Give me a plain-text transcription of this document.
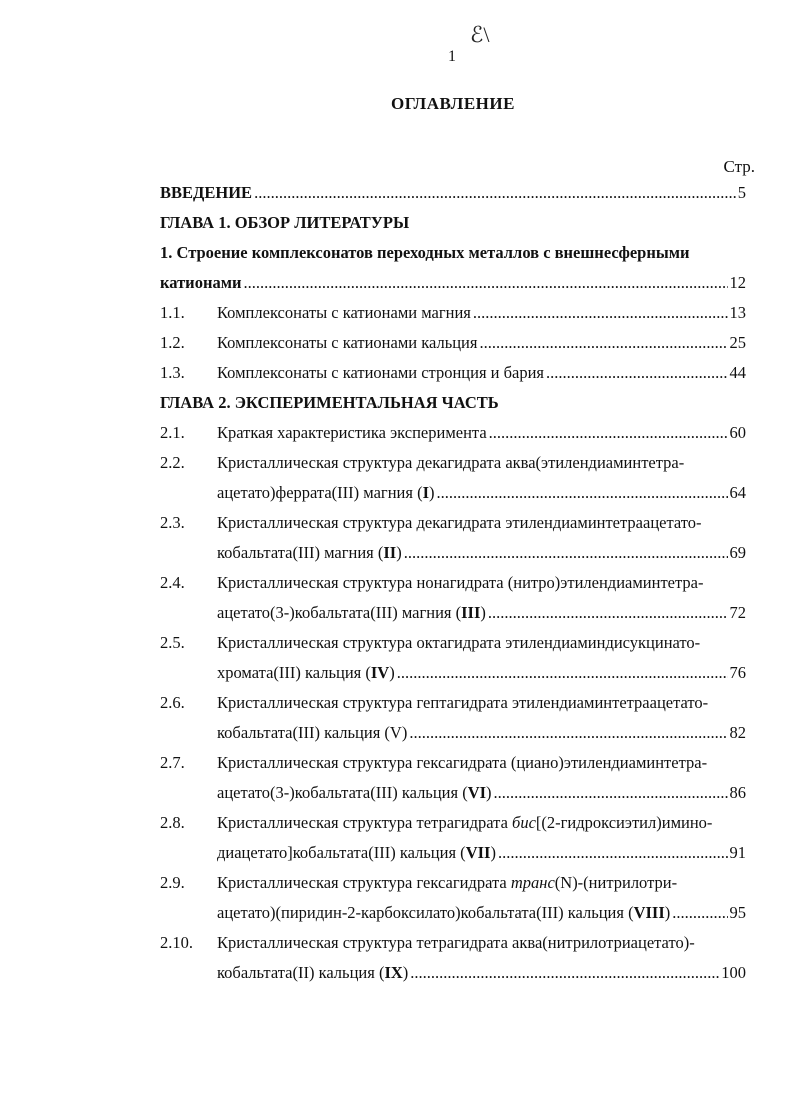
ℰ\
1
ОГЛАВЛЕНИЕ
Стр.
ВВЕДЕНИЕ .....	5
ГЛАВА 1. ОБЗОР ЛИТЕРАТУРЫ
1. Строение комплексонатов переходных металлов с внешнесферными
катионами .....	12
1.1.	Комплексонаты с катионами магния .....	13
1.2.	Комплексонаты с катионами кальция .....	25
1.3.	Комплексонаты с катионами стронция и бария .....	44
ГЛАВА 2. ЭКСПЕРИМЕНТАЛЬНАЯ ЧАСТЬ
2.1.	Краткая характеристика эксперимента .....	60
2.2.	Кристаллическая структура декагидрата аква(этилендиаминтетра-
ацетато)феррата(III) магния (I) .....	64
2.3.	Кристаллическая структура декагидрата этилендиаминтетраацетато-
кобальтата(III) магния (II) .....	69
2.4.	Кристаллическая структура нонагидрата (нитро)этилендиаминтетра-
ацетато(3-)кобальтата(III) магния (III) .....	72
2.5.	Кристаллическая структура октагидрата этилендиаминдисукцинато-
хромата(III) кальция (IV) .....	76
2.6.	Кристаллическая структура гептагидрата этилендиаминтетраацетато-
кобальтата(III) кальция (V) .....	82
2.7.	Кристаллическая структура гексагидрата (циано)этилендиаминтетра-
ацетато(3-)кобальтата(III) кальция (VI) .....	86
2.8.	Кристаллическая структура тетрагидрата бис[(2-гидроксиэтил)имино-
диацетато]кобальтата(III) кальция (VII) .....	91
2.9.	Кристаллическая структура гексагидрата транс(N)-(нитрилотри-
ацетато)(пиридин-2-карбоксилато)кобальтата(III) кальция (VIII) .....	95
2.10.	Кристаллическая структура тетрагидрата аква(нитрилотриацетато)-
кобальтата(II) кальция (IX) .....	100
